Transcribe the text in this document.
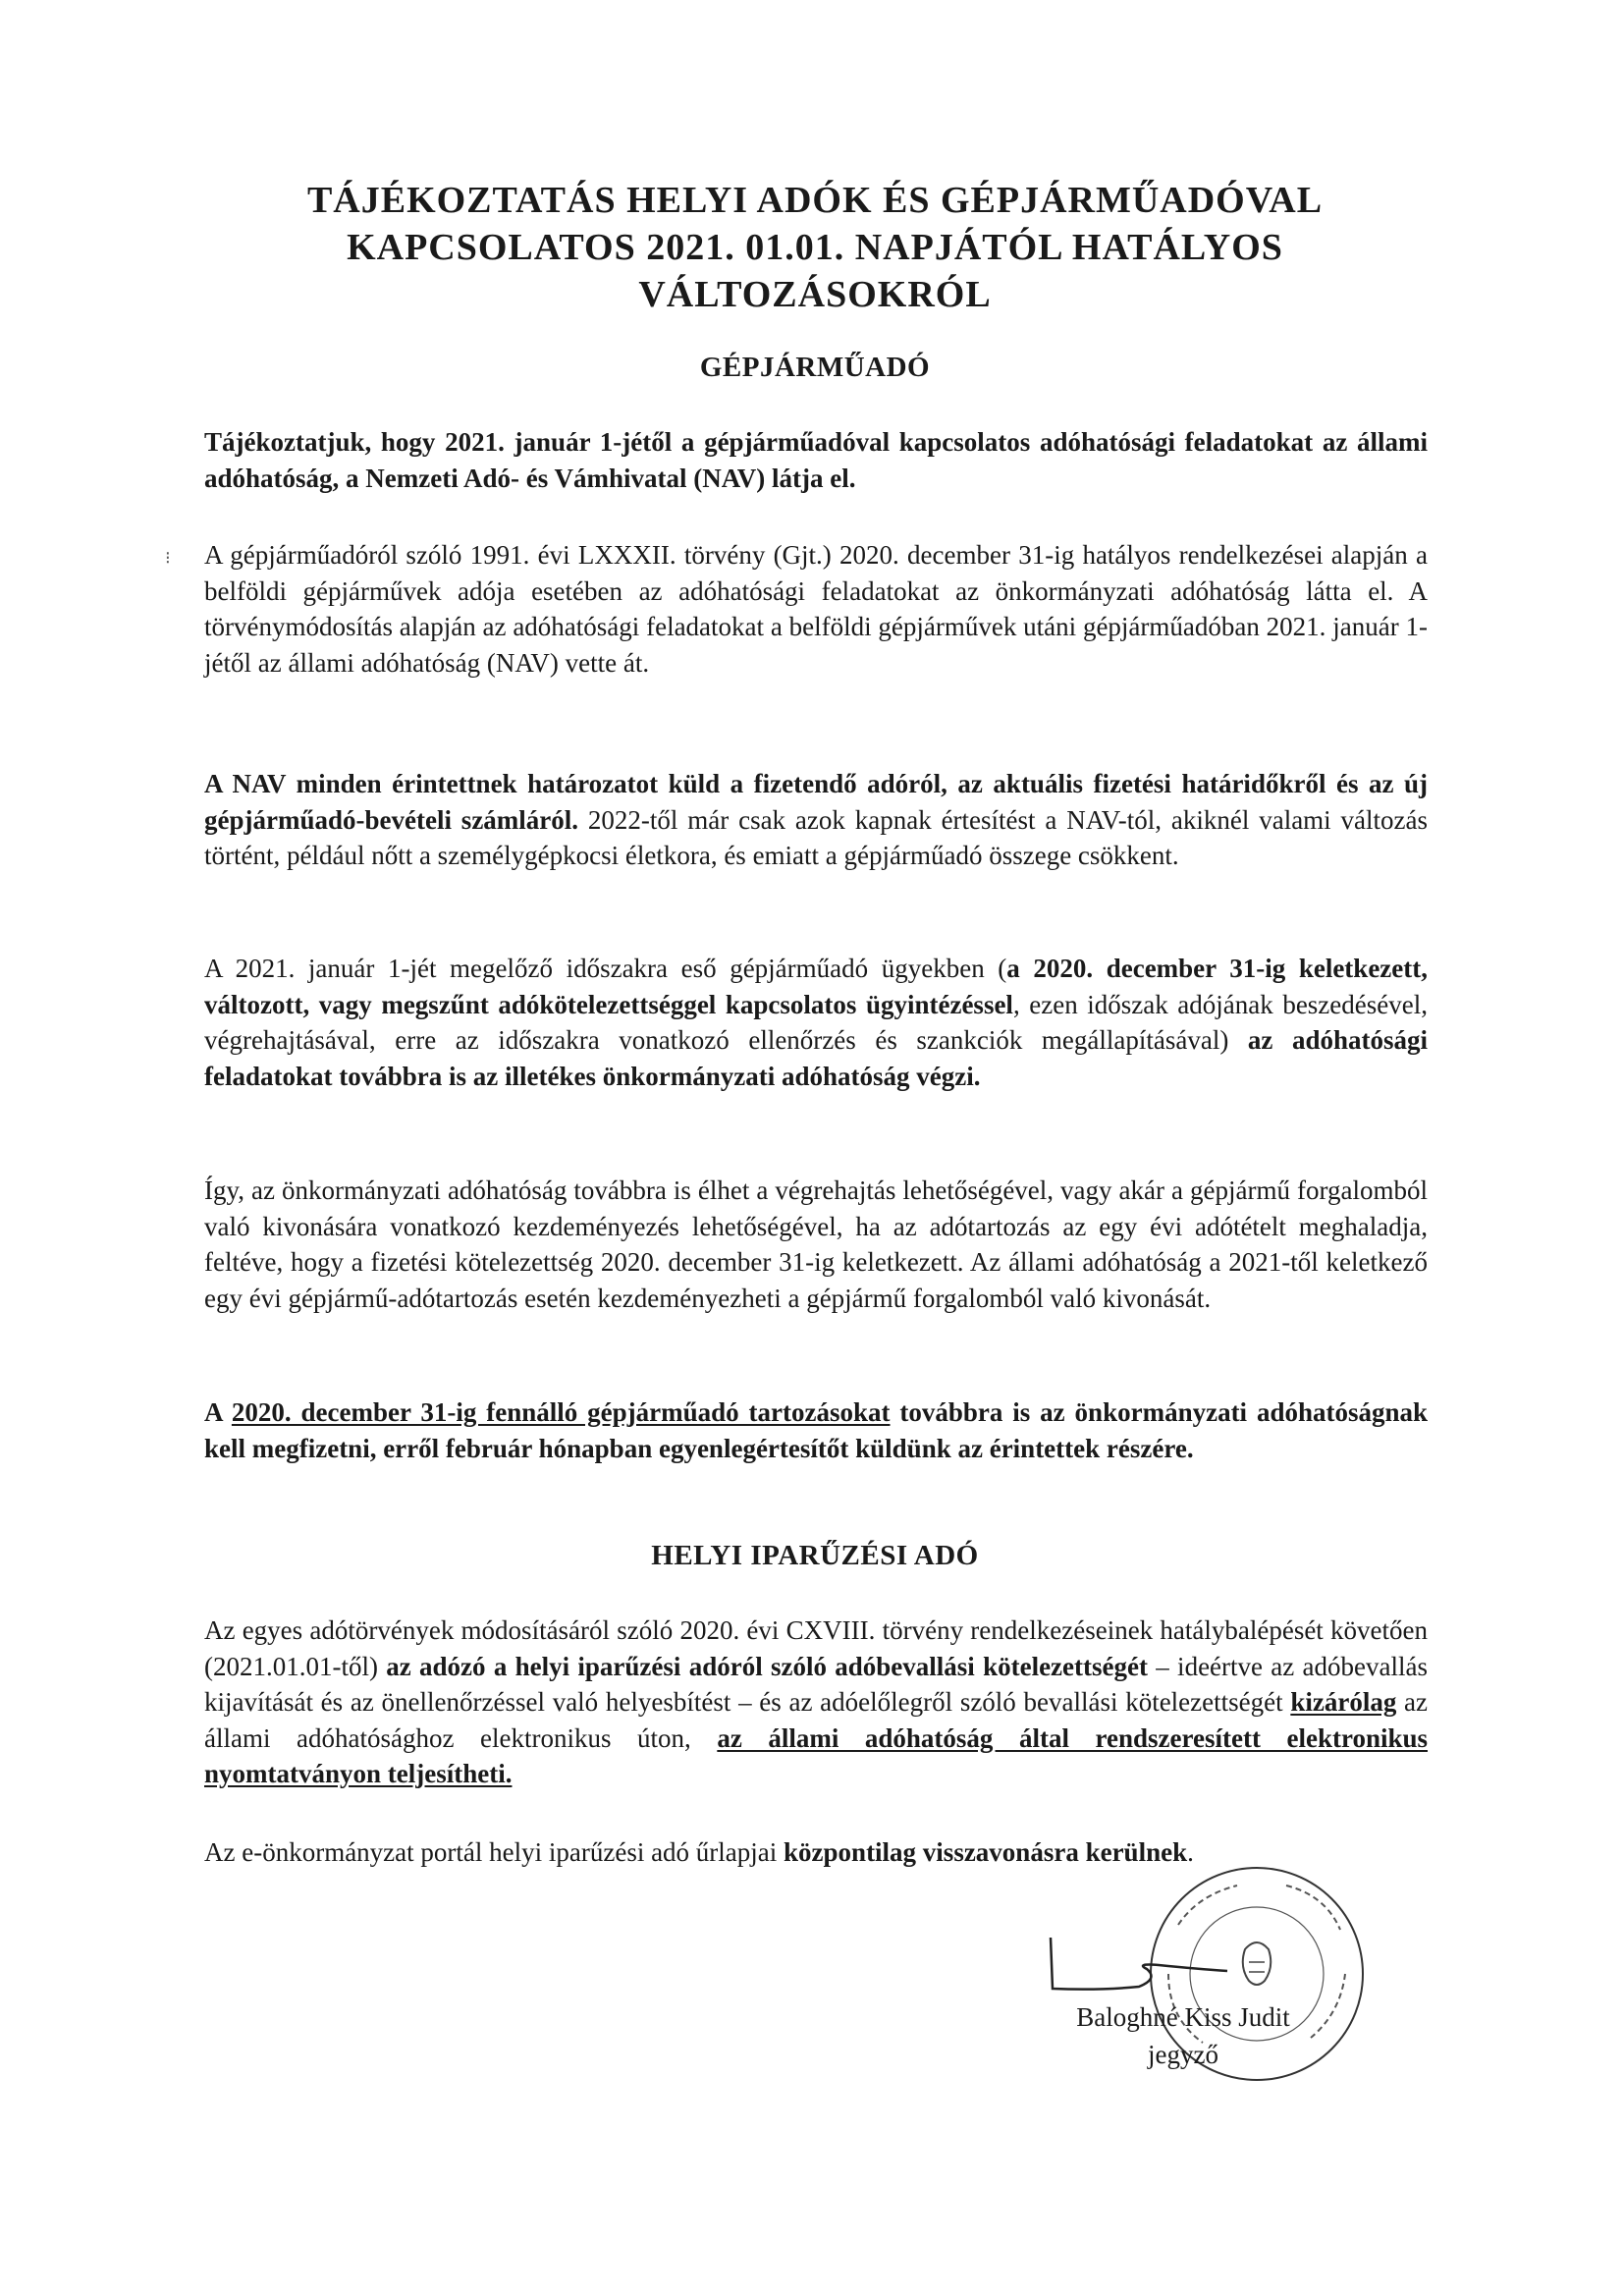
TÁJÉKOZTATÁS HELYI ADÓK ÉS GÉPJÁRMŰADÓVAL
KAPCSOLATOS 2021. 01.01. NAPJÁTÓL HATÁLYOS
VÁLTOZÁSOKRÓL
GÉPJÁRMŰADÓ

Tájékoztatjuk, hogy 2021. január 1-jétől a gépjárműadóval kapcsolatos adóhatósági feladatokat az állami adóhatóság, a Nemzeti Adó- és Vámhivatal (NAV) látja el.

⁝ A gépjárműadóról szóló 1991. évi LXXXII. törvény (Gjt.) 2020. december 31-ig hatályos rendelkezései alapján a belföldi gépjárművek adója esetében az adóhatósági feladatokat az önkormányzati adóhatóság látta el. A törvénymódosítás alapján az adóhatósági feladatokat a belföldi gépjárművek utáni gépjárműadóban 2021. január 1-jétől az állami adóhatóság (NAV) vette át.

A NAV minden érintettnek határozatot küld a fizetendő adóról, az aktuális fizetési határidőkről és az új gépjárműadó-bevételi számláról. 2022-től már csak azok kapnak értesítést a NAV-tól, akiknél valami változás történt, például nőtt a személygépkocsi életkora, és emiatt a gépjárműadó összege csökkent.

A 2021. január 1-jét megelőző időszakra eső gépjárműadó ügyekben (a 2020. december 31-ig keletkezett, változott, vagy megszűnt adókötelezettséggel kapcsolatos ügyintézéssel, ezen időszak adójának beszedésével, végrehajtásával, erre az időszakra vonatkozó ellenőrzés és szankciók megállapításával) az adóhatósági feladatokat továbbra is az illetékes önkormányzati adóhatóság végzi.

Így, az önkormányzati adóhatóság továbbra is élhet a végrehajtás lehetőségével, vagy akár a gépjármű forgalomból való kivonására vonatkozó kezdeményezés lehetőségével, ha az adótartozás az egy évi adótételt meghaladja, feltéve, hogy a fizetési kötelezettség 2020. december 31-ig keletkezett. Az állami adóhatóság a 2021-től keletkező egy évi gépjármű-adótartozás esetén kezdeményezheti a gépjármű forgalomból való kivonását.

A 2020. december 31-ig fennálló gépjárműadó tartozásokat továbbra is az önkormányzati adóhatóságnak kell megfizetni, erről február hónapban egyenlegértesítőt küldünk az érintettek részére.

HELYI IPARŰZÉSI ADÓ

Az egyes adótörvények módosításáról szóló 2020. évi CXVIII. törvény rendelkezéseinek hatálybalépését követően (2021.01.01-től) az adózó a helyi iparűzési adóról szóló adóbevallási kötelezettségét – ideértve az adóbevallás kijavítását és az önellenőrzéssel való helyesbítést – és az adóelőlegről szóló bevallási kötelezettségét kizárólag az állami adóhatósághoz elektronikus úton, az állami adóhatóság által rendszeresített elektronikus nyomtatványon teljesítheti.

Az e-önkormányzat portál helyi iparűzési adó űrlapjai központilag visszavonásra kerülnek.

Baloghné Kiss Judit
jegyző
